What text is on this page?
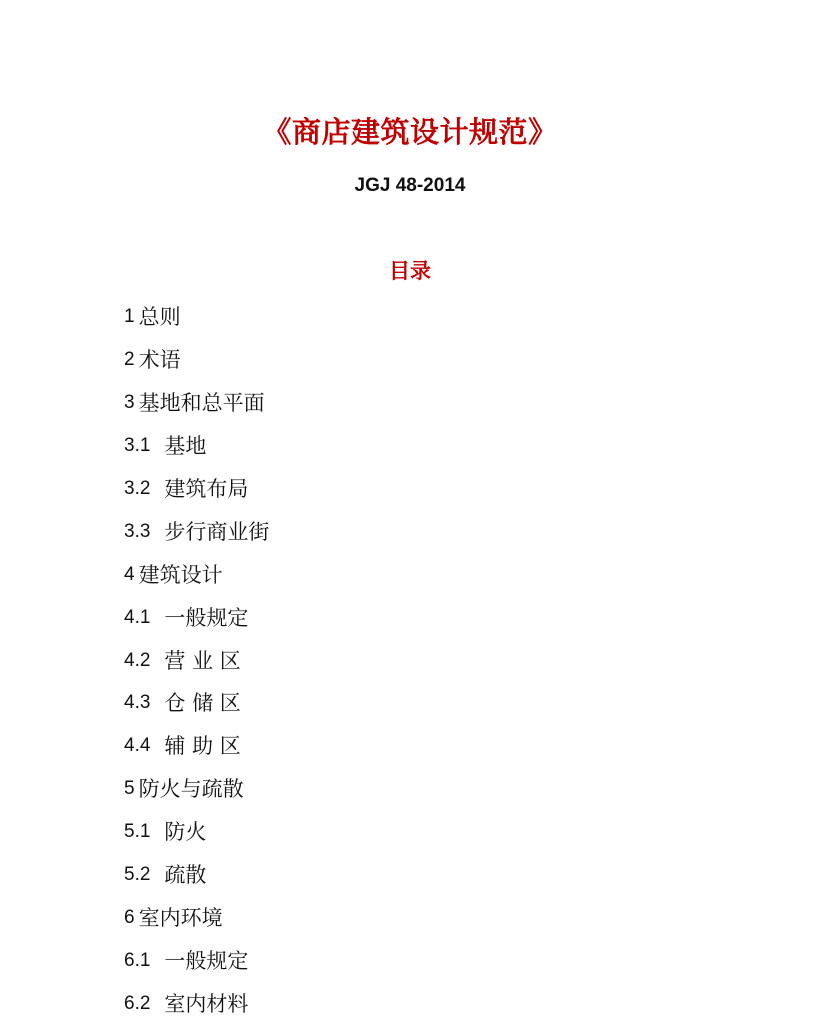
《商店建筑设计规范》
JGJ 48-2014
目录
1 总则
2 术语
3 基地和总平面
3.1 基地
3.2 建筑布局
3.3 步行商业街
4 建筑设计
4.1 一般规定
4.2 营 业 区
4.3 仓 储 区
4.4 辅 助 区
5 防火与疏散
5.1 防火
5.2 疏散
6 室内环境
6.1 一般规定
6.2 室内材料
